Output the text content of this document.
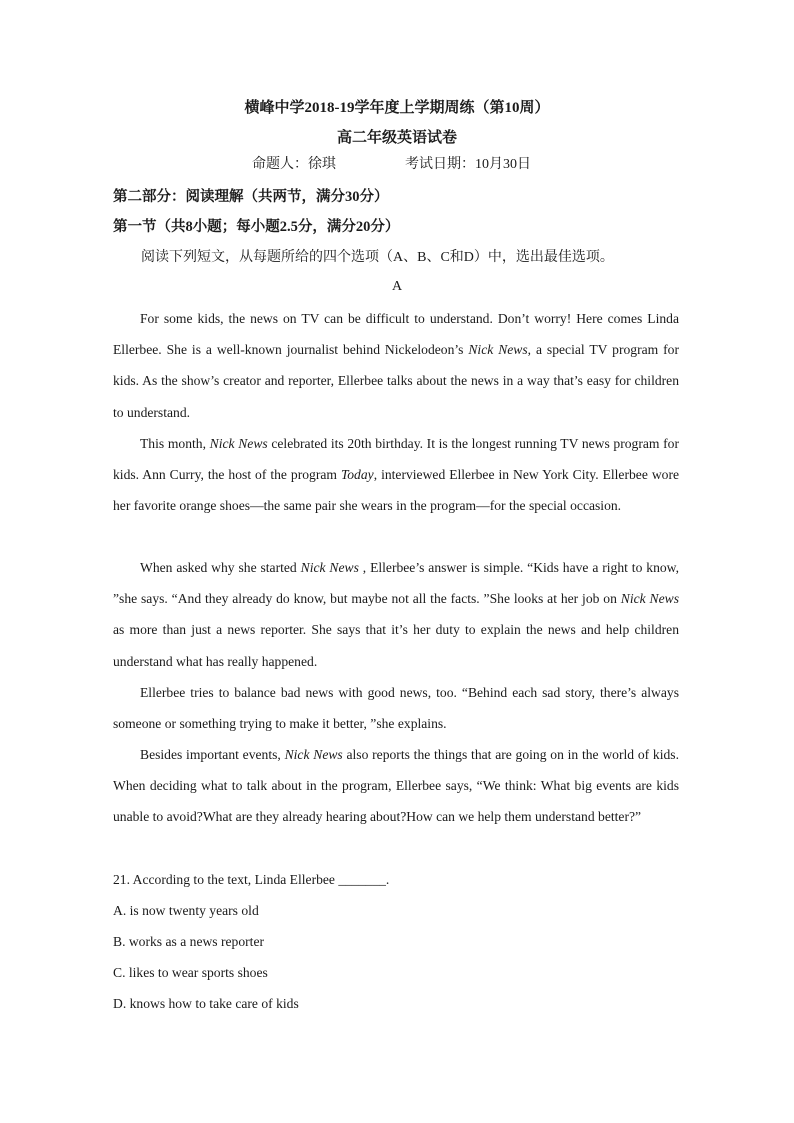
横峰中学2018-19学年度上学期周练（第10周）
高二年级英语试卷
命题人：徐琪	考试日期：10月30日
第二部分：阅读理解（共两节，满分30分）
第一节（共8小题；每小题2.5分，满分20分）
阅读下列短文，从每题所给的四个选项（A、B、C和D）中，选出最佳选项。
A

For some kids, the news on TV can be difficult to understand. Don’t worry! Here comes Linda Ellerbee. She is a well-known journalist behind Nickelodeon’s Nick News, a special TV program for kids. As the show’s creator and reporter, Ellerbee talks about the news in a way that’s easy for children to understand.

This month, Nick News celebrated its 20th birthday. It is the longest running TV news program for kids. Ann Curry, the host of the program Today, interviewed Ellerbee in New York City. Ellerbee wore her favorite orange shoes—the same pair she wears in the program—for the special occasion.

When asked why she started Nick News , Ellerbee’s answer is simple. “Kids have a right to know, ”she says. “And they already do know, but maybe not all the facts. ”She looks at her job on Nick News as more than just a news reporter. She says that it’s her duty to explain the news and help children understand what has really happened.

Ellerbee tries to balance bad news with good news, too. “Behind each sad story, there’s always someone or something trying to make it better, ”she explains.

Besides important events, Nick News also reports the things that are going on in the world of kids. When deciding what to talk about in the program, Ellerbee says, “We think: What big events are kids unable to avoid?What are they already hearing about?How can we help them understand better?”

21. According to the text, Linda Ellerbee _______.
A. is now twenty years old
B. works as a news reporter
C. likes to wear sports shoes
D. knows how to take care of kids
